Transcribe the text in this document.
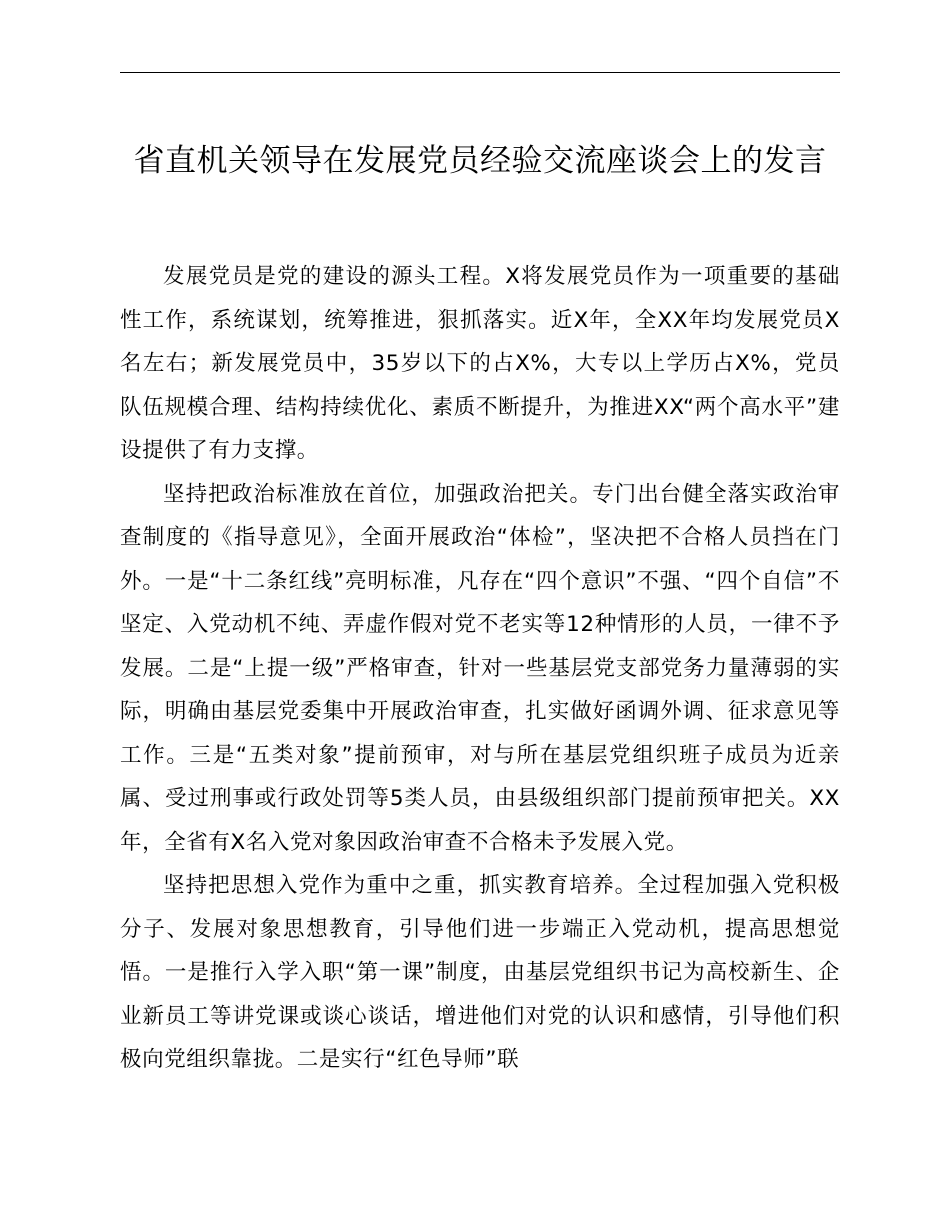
省直机关领导在发展党员经验交流座谈会上的发言

发展党员是党的建设的源头工程。X将发展党员作为一项重要的基础性工作，系统谋划，统筹推进，狠抓落实。近X年，全XX年均发展党员X名左右；新发展党员中，35岁以下的占X%，大专以上学历占X%，党员队伍规模合理、结构持续优化、素质不断提升，为推进XX“两个高水平”建设提供了有力支撑。

坚持把政治标准放在首位，加强政治把关。专门出台健全落实政治审查制度的《指导意见》，全面开展政治“体检”，坚决把不合格人员挡在门外。一是“十二条红线”亮明标准，凡存在“四个意识”不强、“四个自信”不坚定、入党动机不纯、弄虚作假对党不老实等12种情形的人员，一律不予发展。二是“上提一级”严格审查，针对一些基层党支部党务力量薄弱的实际，明确由基层党委集中开展政治审查，扎实做好函调外调、征求意见等工作。三是“五类对象”提前预审，对与所在基层党组织班子成员为近亲属、受过刑事或行政处罚等5类人员，由县级组织部门提前预审把关。XX年，全省有X名入党对象因政治审查不合格未予发展入党。

坚持把思想入党作为重中之重，抓实教育培养。全过程加强入党积极分子、发展对象思想教育，引导他们进一步端正入党动机，提高思想觉悟。一是推行入学入职“第一课”制度，由基层党组织书记为高校新生、企业新员工等讲党课或谈心谈话，增进他们对党的认识和感情，引导他们积极向党组织靠拢。二是实行“红色导师”联
